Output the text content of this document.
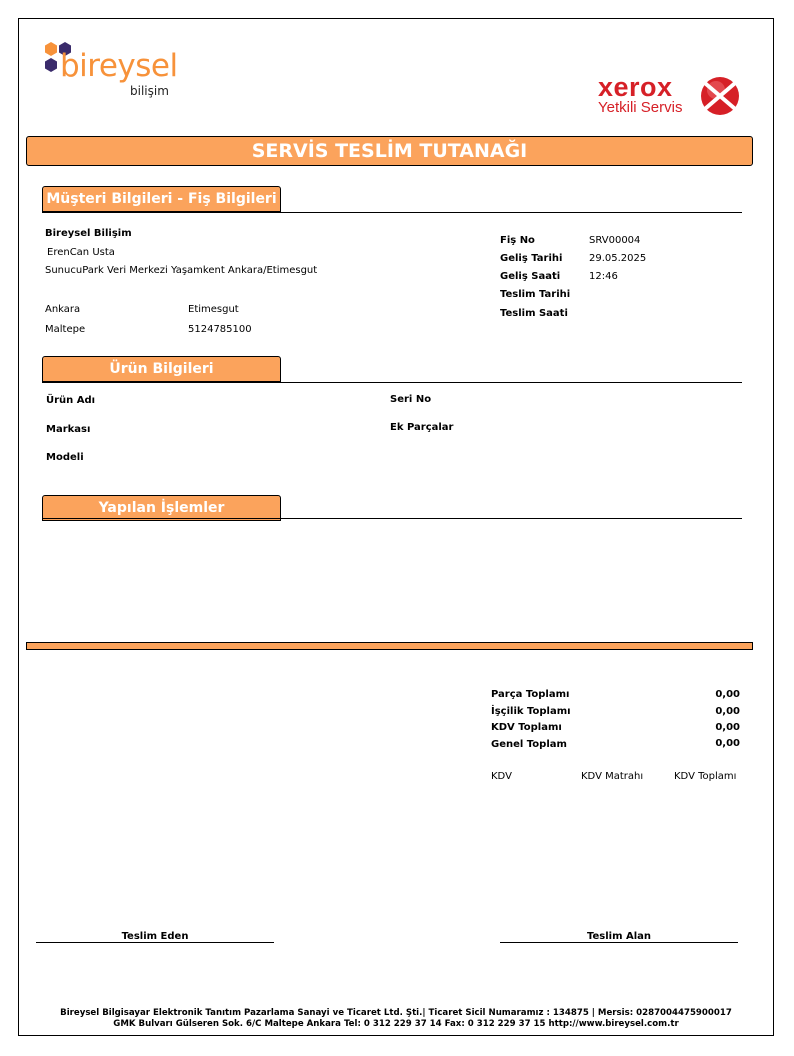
bireysel
bilişim	xerox
Yetkili Servis
SERVİS TESLİM TUTANAĞI
Müşteri Bilgileri - Fiş Bilgileri
Bireysel Bilişim
ErenCan Usta
SunucuPark Veri Merkezi Yaşamkent Ankara/Etimesgut
Ankara	Etimesgut
Maltepe	5124785100
Fiş No	SRV00004
Geliş Tarihi	29.05.2025
Geliş Saati	12:46
Teslim Tarihi
Teslim Saati
Ürün Bilgileri
Ürün Adı
Markası
Modeli
Seri No
Ek Parçalar
Yapılan İşlemler
Parça Toplamı	0,00
İşçilik Toplamı	0,00
KDV Toplamı	0,00
Genel Toplam	0,00
KDV	KDV Matrahı	KDV Toplamı
Teslim Eden	Teslim Alan
Bireysel Bilgisayar Elektronik Tanıtım Pazarlama Sanayi ve Ticaret Ltd. Şti.| Ticaret Sicil Numaramız : 134875 | Mersis: 0287004475900017
GMK Bulvarı Gülseren Sok. 6/C Maltepe Ankara Tel: 0 312 229 37 14 Fax: 0 312 229 37 15 http://www.bireysel.com.tr
